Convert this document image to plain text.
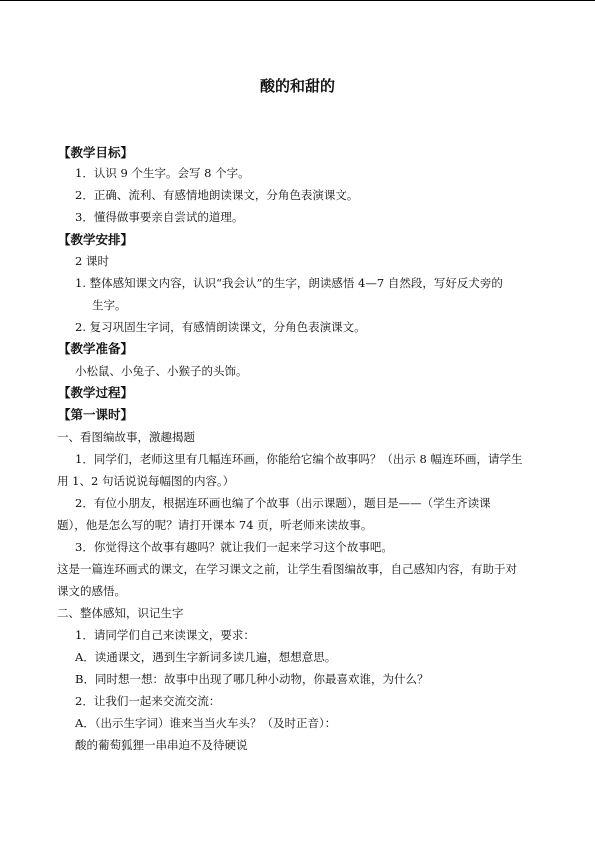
酸的和甜的
【教学目标】
1．认识 9 个生字。会写 8 个字。
2．正确、流利、有感情地朗读课文，分角色表演课文。
3．懂得做事要亲自尝试的道理。
【教学安排】
2 课时
1. 整体感知课文内容，认识“我会认”的生字，朗读感悟 4—7 自然段，写好反犬旁的
生字。
2. 复习巩固生字词，有感情朗读课文，分角色表演课文。
【教学准备】
小松鼠、小兔子、小猴子的头饰。
【教学过程】
【第一课时】
一、看图编故事，激趣揭题
1．同学们，老师这里有几幅连环画，你能给它编个故事吗？（出示 8 幅连环画，请学生
用 1、2 句话说说每幅图的内容。）
2．有位小朋友，根据连环画也编了个故事（出示课题），题目是——（学生齐读课
题），他是怎么写的呢？请打开课本 74 页，听老师来读故事。
3．你觉得这个故事有趣吗？就让我们一起来学习这个故事吧。
这是一篇连环画式的课文，在学习课文之前，让学生看图编故事，自己感知内容，有助于对
课文的感悟。
二、整体感知，识记生字
1．请同学们自己来读课文，要求：
A．读通课文，遇到生字新词多读几遍，想想意思。
B．同时想一想：故事中出现了哪几种小动物，你最喜欢谁，为什么？
2．让我们一起来交流交流：
A．（出示生字词）谁来当当火车头？（及时正音）：
酸的葡萄狐狸一串串迫不及待硬说
